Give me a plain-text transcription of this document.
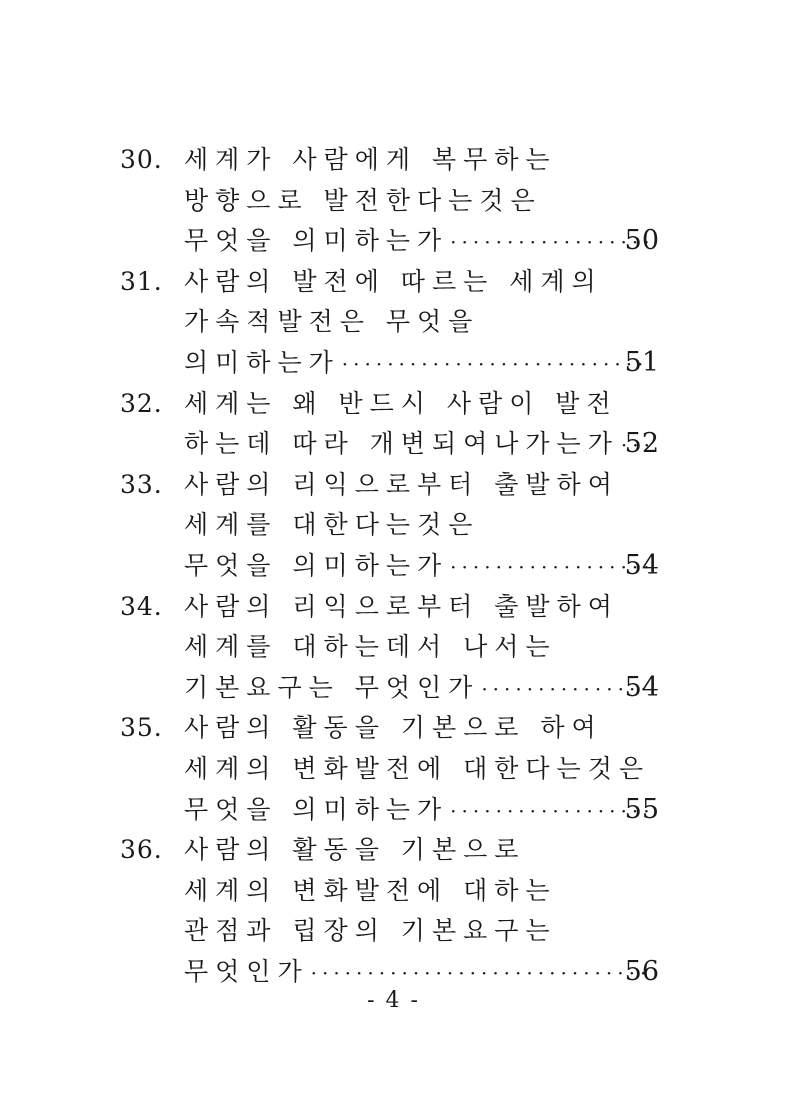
30. 세계가 사람에게 복무하는
방향으로 발전한다는것은
무엇을 의미하는가 ·····	50
31. 사람의 발전에 따르는 세계의
가속적발전은 무엇을
의미하는가 ·····	51
32. 세계는 왜 반드시 사람이 발전
하는데 따라 개변되여나가는가 ····· 52
33. 사람의 리익으로부터 출발하여
세계를 대한다는것은
무엇을 의미하는가 ·····	54
34. 사람의 리익으로부터 출발하여
세계를 대하는데서 나서는
기본요구는 무엇인가 ·····	54
35. 사람의 활동을 기본으로 하여
세계의 변화발전에 대한다는것은
무엇을 의미하는가 ·····	55
36. 사람의 활동을 기본으로
세계의 변화발전에 대하는
관점과 립장의 기본요구는
무엇인가 ·····	56
- 4 -
